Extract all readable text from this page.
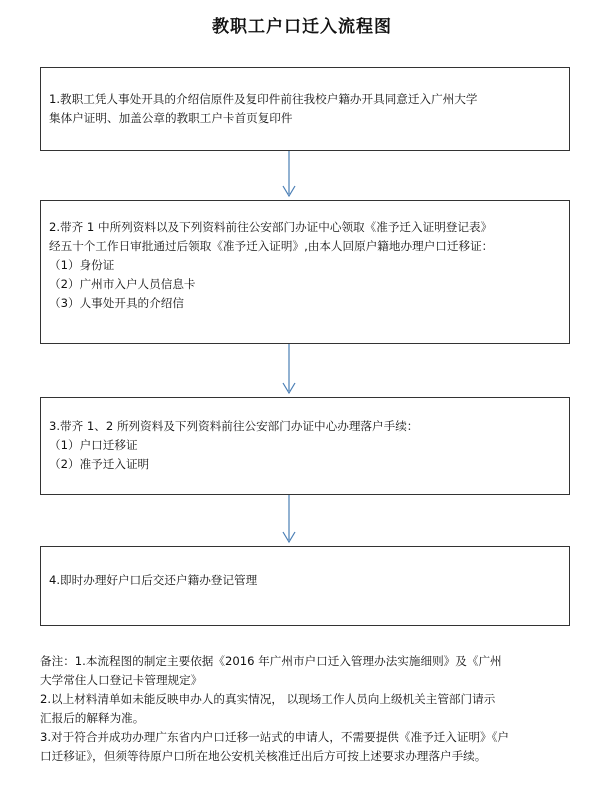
教职工户口迁入流程图
1.教职工凭人事处开具的介绍信原件及复印件前往我校户籍办开具同意迁入广州大学
集体户证明、加盖公章的教职工户卡首页复印件
2.带齐 1 中所列资料以及下列资料前往公安部门办证中心领取《准予迁入证明登记表》
经五十个工作日审批通过后领取《准予迁入证明》,由本人回原户籍地办理户口迁移证：
（1）身份证
（2）广州市入户人员信息卡
（3）人事处开具的介绍信
3.带齐 1、2 所列资料及下列资料前往公安部门办证中心办理落户手续：
（1）户口迁移证
（2）准予迁入证明
4.即时办理好户口后交还户籍办登记管理
备注：1.本流程图的制定主要依据《2016 年广州市户口迁入管理办法实施细则》及《广州
大学常住人口登记卡管理规定》
2.以上材料清单如未能反映申办人的真实情况， 以现场工作人员向上级机关主管部门请示
汇报后的解释为准。
3.对于符合并成功办理广东省内户口迁移一站式的申请人，不需要提供《准予迁入证明》《户
口迁移证》，但须等待原户口所在地公安机关核准迁出后方可按上述要求办理落户手续。
